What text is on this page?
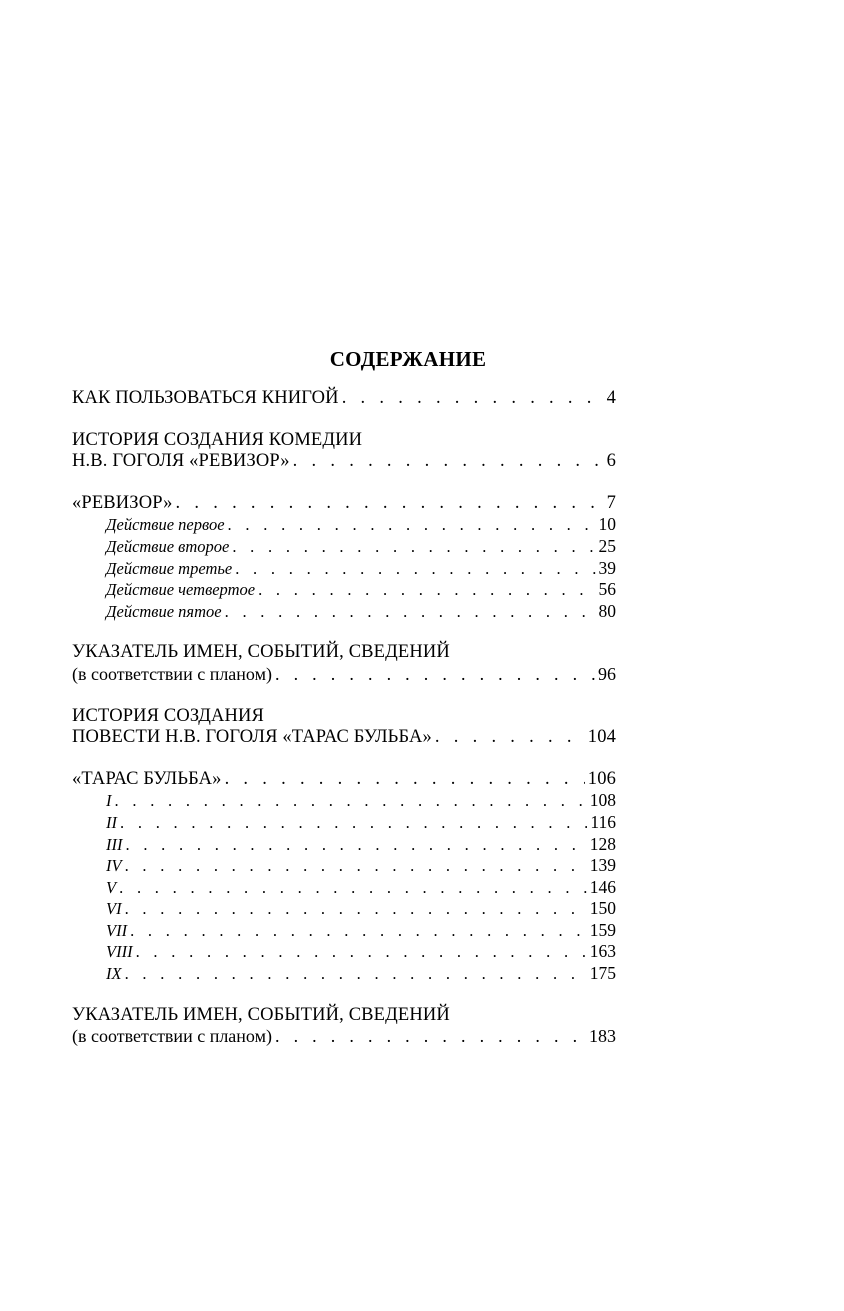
СОДЕРЖАНИЕ
КАК ПОЛЬЗОВАТЬСЯ КНИГОЙ . . .	4
ИСТОРИЯ СОЗДАНИЯ КОМЕДИИ
Н.В. ГОГОЛЯ «РЕВИЗОР» . . .	6
«РЕВИЗОР» . . .	7
Действие первое . . .	10
Действие второе . . .	25
Действие третье . . .	39
Действие четвертое . . .	56
Действие пятое . . .	80
УКАЗАТЕЛЬ ИМЕН, СОБЫТИЙ, СВЕДЕНИЙ
(в соответствии с планом) . . .	96
ИСТОРИЯ СОЗДАНИЯ
ПОВЕСТИ Н.В. ГОГОЛЯ «ТАРАС БУЛЬБА» . . .	104
«ТАРАС БУЛЬБА» . . .	106
I . . .	108
II . . .	116
III . . .	128
IV . . .	139
V . . .	146
VI . . .	150
VII . . .	159
VIII . . .	163
IX . . .	175
УКАЗАТЕЛЬ ИМЕН, СОБЫТИЙ, СВЕДЕНИЙ
(в соответствии с планом) . . .	183
